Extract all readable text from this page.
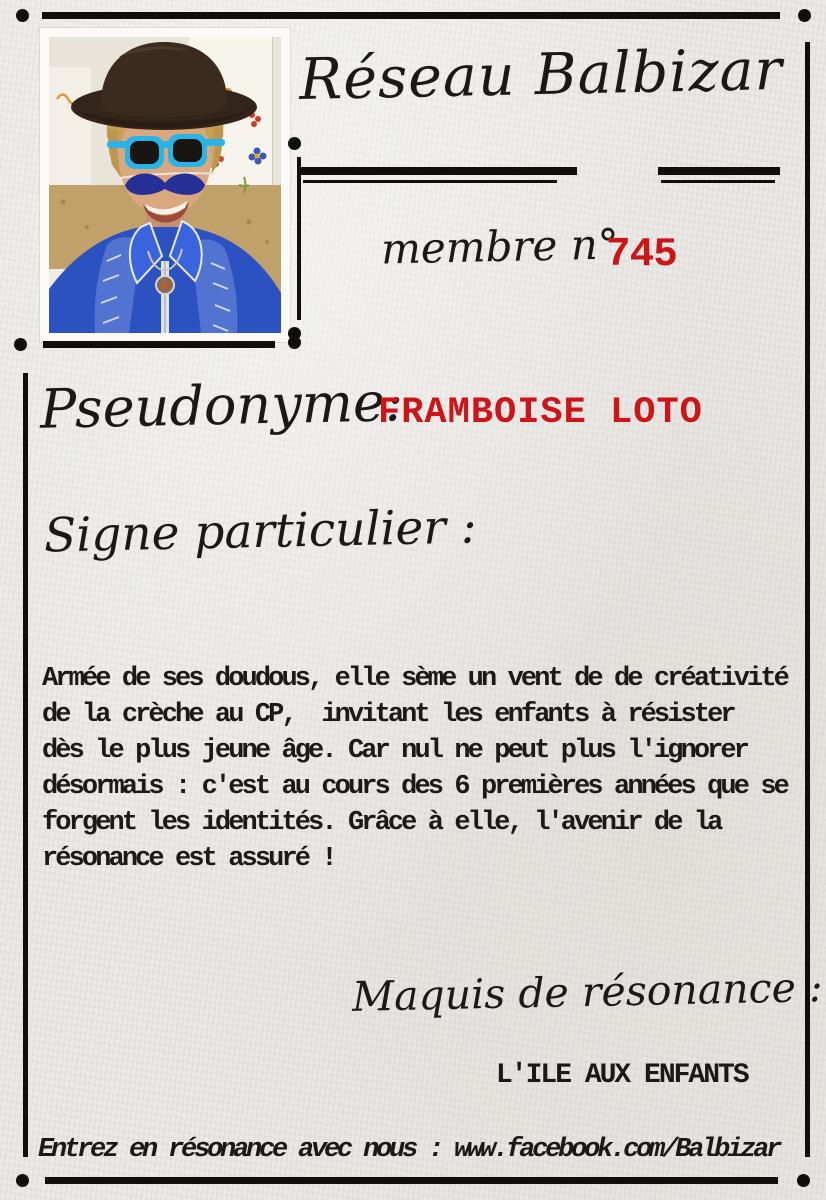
Réseau Balbizar
membre n°
745
Pseudonyme:
FRAMBOISE LOTO
Signe particulier :
Armée de ses doudous, elle sème un vent de de créativité
de la crèche au CP,  invitant les enfants à résister
dès le plus jeune âge. Car nul ne peut plus l'ignorer
désormais : c'est au cours des 6 premières années que se
forgent les identités. Grâce à elle, l'avenir de la
résonance est assuré !
Maquis de résonance :
L'ILE AUX ENFANTS
Entrez en résonance avec nous : www.facebook.com/Balbizar
